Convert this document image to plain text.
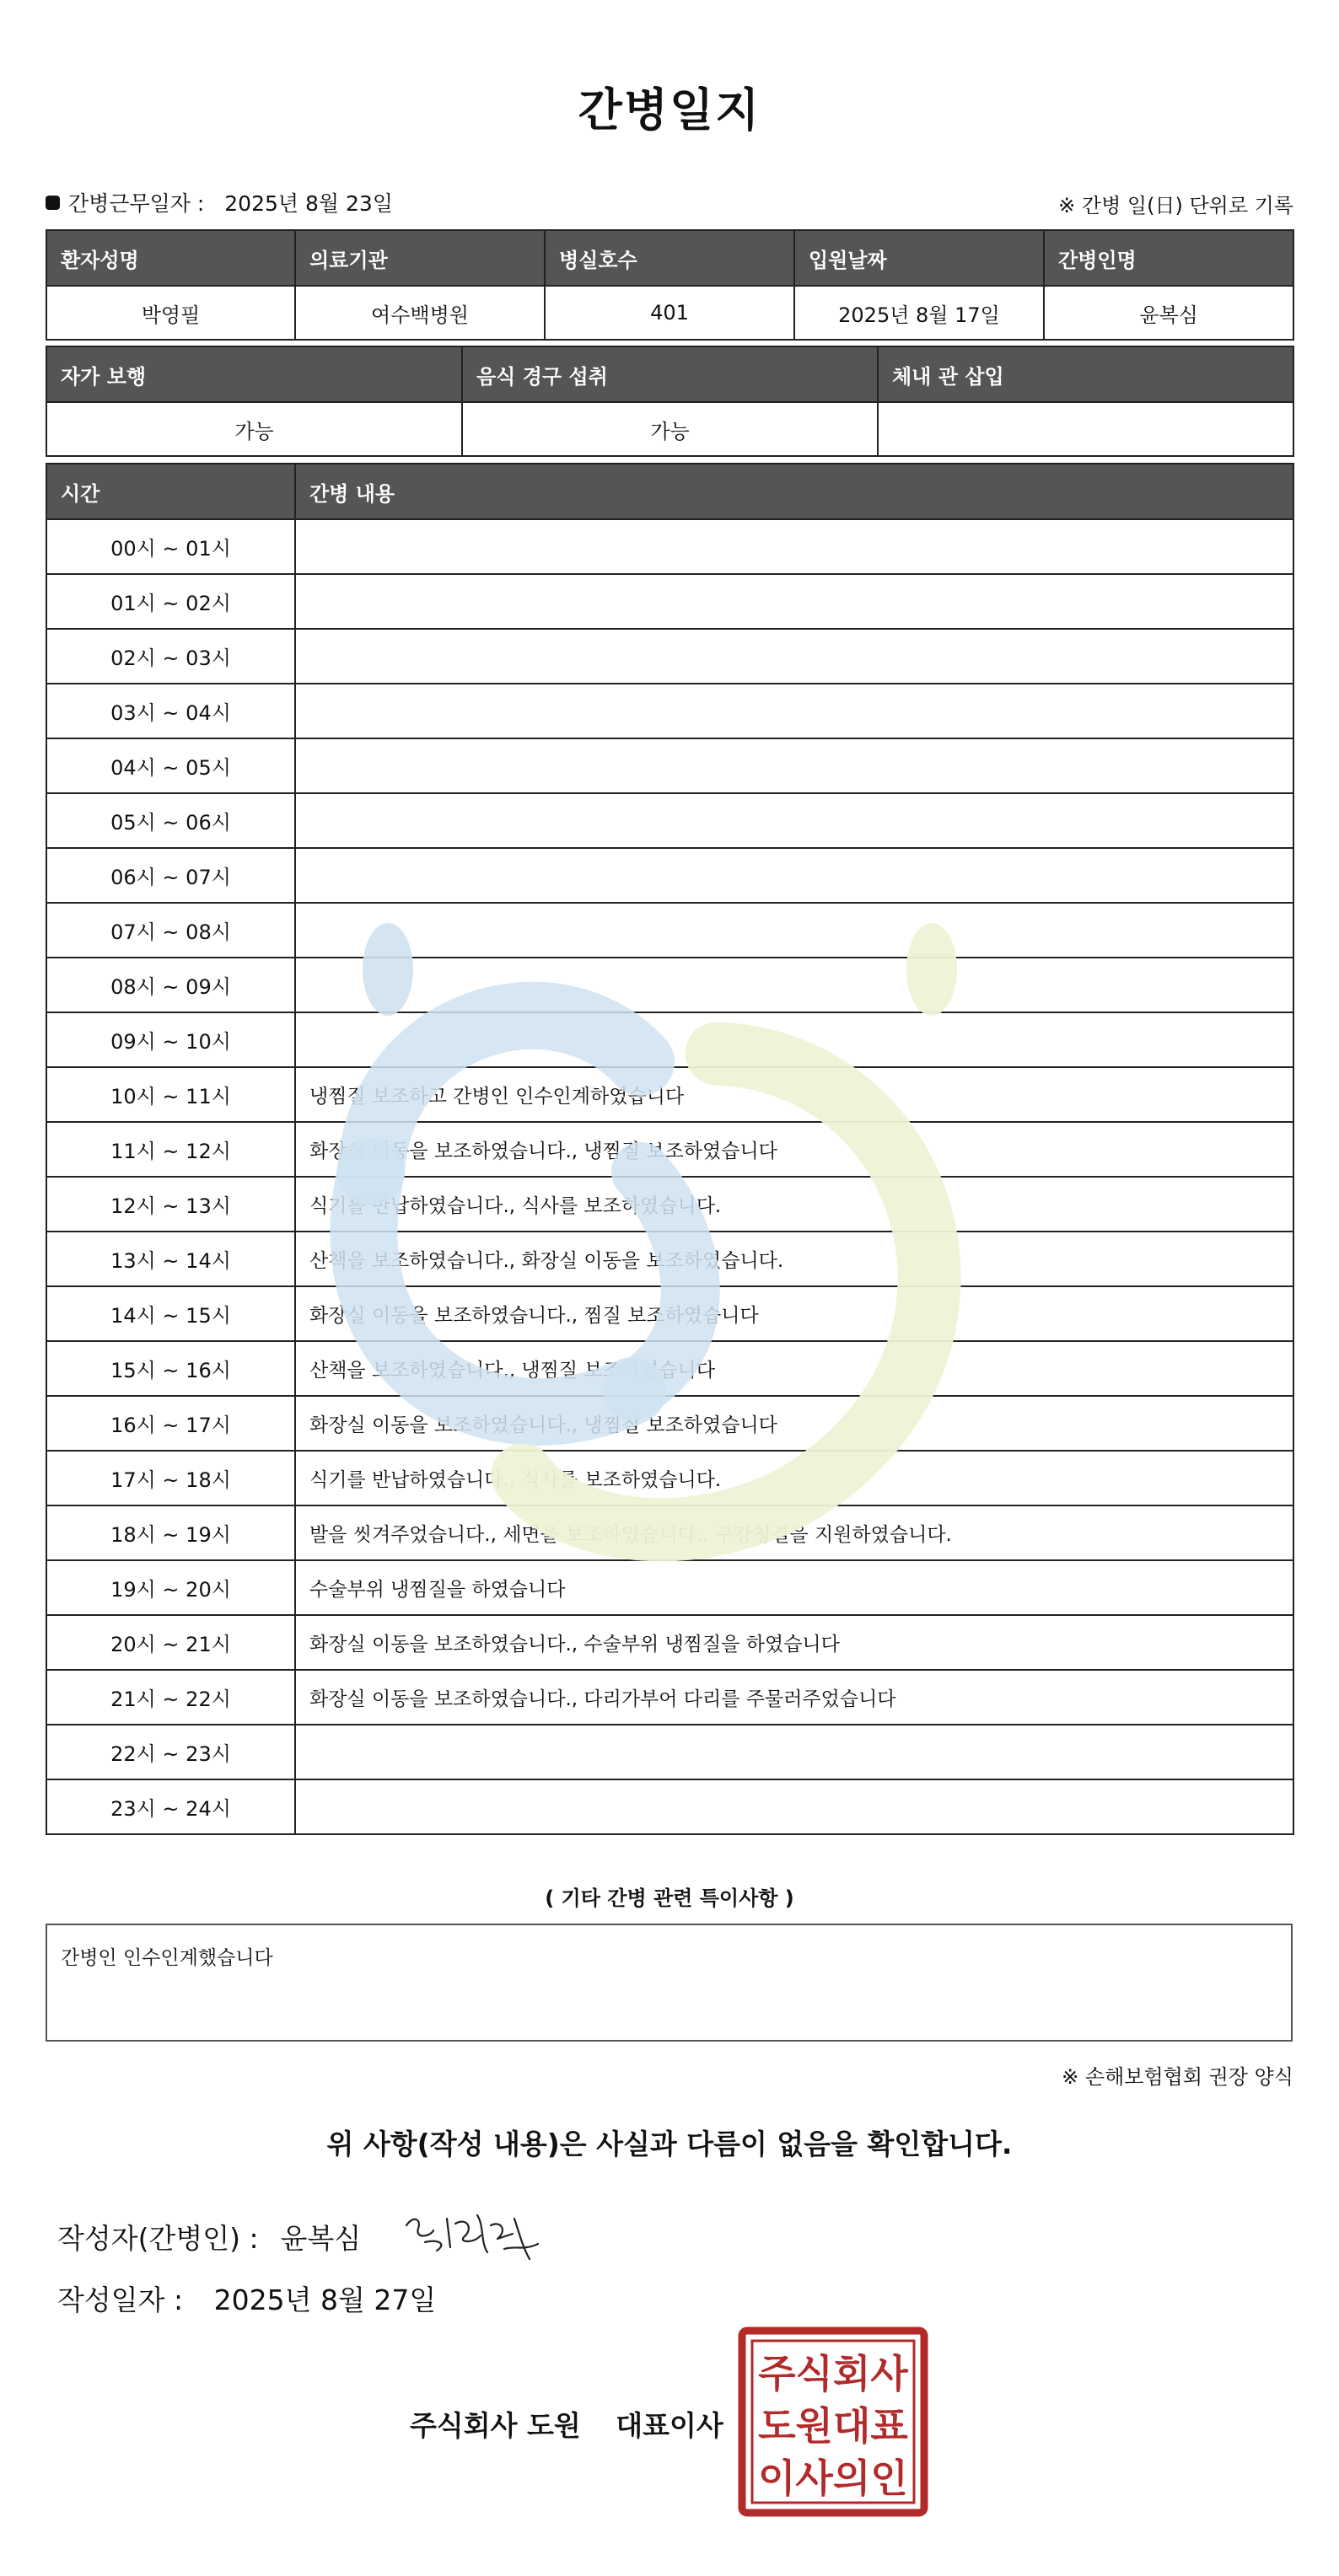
간병일지
간병근무일자 : 2025년 8월 23일	※ 간병 일(日) 단위로 기록
환자성명	의료기관	병실호수	입원날짜	간병인명
박영필	여수백병원	401	2025년 8월 17일	윤복심
자가 보행	음식 경구 섭취	체내 관 삽입
가능	가능	
시간	간병 내용
00시 ~ 01시	
01시 ~ 02시	
02시 ~ 03시	
03시 ~ 04시	
04시 ~ 05시	
05시 ~ 06시	
06시 ~ 07시	
07시 ~ 08시	
08시 ~ 09시	
09시 ~ 10시	
10시 ~ 11시	냉찜질 보조하고 간병인 인수인계하였습니다
11시 ~ 12시	화장실 이동을 보조하였습니다., 냉찜질 보조하였습니다
12시 ~ 13시	식기를 반납하였습니다., 식사를 보조하였습니다.
13시 ~ 14시	산책을 보조하였습니다., 화장실 이동을 보조하였습니다.
14시 ~ 15시	화장실 이동을 보조하였습니다., 찜질 보조하였습니다
15시 ~ 16시	산책을 보조하였습니다., 냉찜질 보조하였습니다
16시 ~ 17시	화장실 이동을 보조하였습니다., 냉찜질 보조하였습니다
17시 ~ 18시	식기를 반납하였습니다., 식사를 보조하였습니다.
18시 ~ 19시	발을 씻겨주었습니다., 세면을 보조하였습니다., 구강청결을 지원하였습니다.
19시 ~ 20시	수술부위 냉찜질을 하였습니다
20시 ~ 21시	화장실 이동을 보조하였습니다., 수술부위 냉찜질을 하였습니다
21시 ~ 22시	화장실 이동을 보조하였습니다., 다리가부어 다리를 주물러주었습니다
22시 ~ 23시	
23시 ~ 24시	
( 기타 간병 관련 특이사항 )
간병인 인수인계했습니다
※ 손해보험협회 권장 양식
위 사항(작성 내용)은 사실과 다름이 없음을 확인합니다.
작성자(간병인) : 윤복심
작성일자 : 2025년 8월 27일
주식회사 도원 대표이사
주식회사
도원대표
이사의인
